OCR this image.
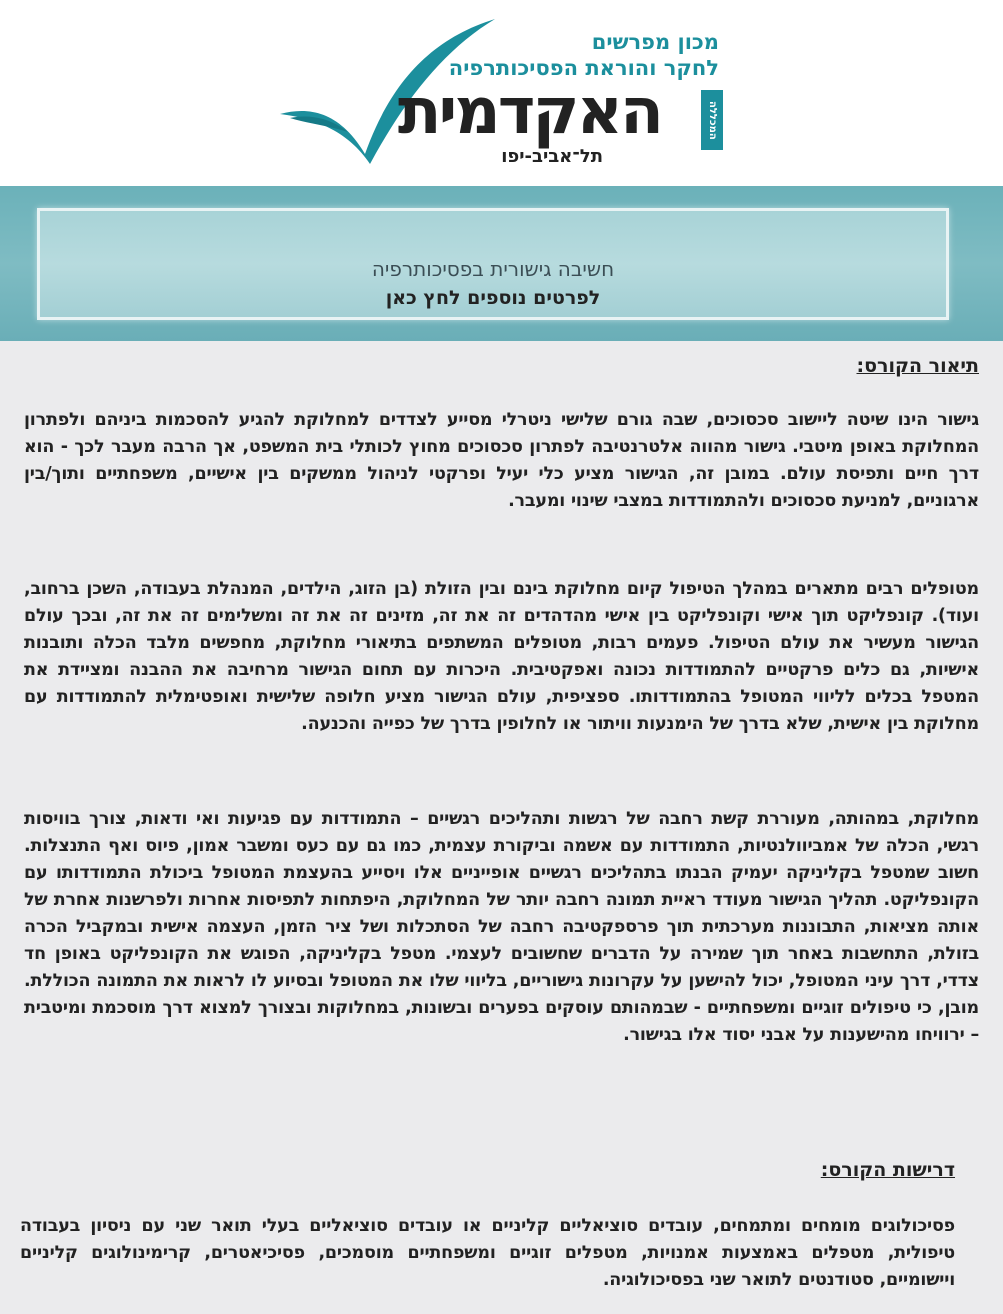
מכון מפרשים
לחקר והוראת הפסיכותרפיה
האקדמית	המכללה
תל־אביב-יפו
חשיבה גישורית בפסיכותרפיה
לפרטים נוספים לחץ כאן
תיאור הקורס:
גישור הינו שיטה ליישוב סכסוכים, שבה גורם שלישי ניטרלי מסייע לצדדים למחלוקת להגיע להסכמות ביניהם ולפתרון המחלוקת באופן מיטבי. גישור מהווה אלטרנטיבה לפתרון סכסוכים מחוץ לכותלי בית המשפט, אך הרבה מעבר לכך - הוא דרך חיים ותפיסת עולם. במובן זה, הגישור מציע כלי יעיל ופרקטי לניהול ממשקים בין אישיים, משפחתיים ותוך/בין ארגוניים, למניעת סכסוכים ולהתמודדות במצבי שינוי ומעבר.
מטופלים רבים מתארים במהלך הטיפול קיום מחלוקת בינם ובין הזולת (בן הזוג, הילדים, המנהלת בעבודה, השכן ברחוב, ועוד). קונפליקט תוך אישי וקונפליקט בין אישי מהדהדים זה את זה, מזינים זה את זה ומשלימים זה את זה, ובכך עולם הגישור מעשיר את עולם הטיפול. פעמים רבות, מטופלים המשתפים בתיאורי מחלוקת, מחפשים מלבד הכלה ותובנות אישיות, גם כלים פרקטיים להתמודדות נכונה ואפקטיבית. היכרות עם תחום הגישור מרחיבה את ההבנה ומציידת את המטפל בכלים לליווי המטופל בהתמודדותו. ספציפית, עולם הגישור מציע חלופה שלישית ואופטימלית להתמודדות עם מחלוקת בין אישית, שלא בדרך של הימנעות וויתור או לחלופין בדרך של כפייה והכנעה.
מחלוקת, במהותה, מעוררת קשת רחבה של רגשות ותהליכים רגשיים – התמודדות עם פגיעות ואי ודאות, צורך בוויסות רגשי, הכלה של אמביוולנטיות, התמודדות עם אשמה וביקורת עצמית, כמו גם עם כעס ומשבר אמון, פיוס ואף התנצלות. חשוב שמטפל בקליניקה יעמיק הבנתו בתהליכים רגשיים אופייניים אלו ויסייע בהעצמת המטופל ביכולת התמודדותו עם הקונפליקט. תהליך הגישור מעודד ראיית תמונה רחבה יותר של המחלוקת, היפתחות לתפיסות אחרות ולפרשנות אחרת של אותה מציאות, התבוננות מערכתית תוך פרספקטיבה רחבה של הסתכלות ושל ציר הזמן, העצמה אישית ובמקביל הכרה בזולת, התחשבות באחר תוך שמירה על הדברים שחשובים לעצמי. מטפל בקליניקה, הפוגש את הקונפליקט באופן חד צדדי, דרך עיני המטופל, יכול להישען על עקרונות גישוריים, בליווי שלו את המטופל ובסיוע לו לראות את התמונה הכוללת. מובן, כי טיפולים זוגיים ומשפחתיים - שבמהותם עוסקים בפערים ובשונות, במחלוקות ובצורך למצוא דרך מוסכמת ומיטבית – ירוויחו מהישענות על אבני יסוד אלו בגישור.
דרישות הקורס:
פסיכולוגים מומחים ומתמחים, עובדים סוציאליים קליניים או עובדים סוציאליים בעלי תואר שני עם ניסיון בעבודה טיפולית, מטפלים באמצעות אמנויות, מטפלים זוגיים ומשפחתיים מוסמכים, פסיכיאטרים, קרימינולוגים קליניים ויישומיים, סטודנטים לתואר שני בפסיכולוגיה.
